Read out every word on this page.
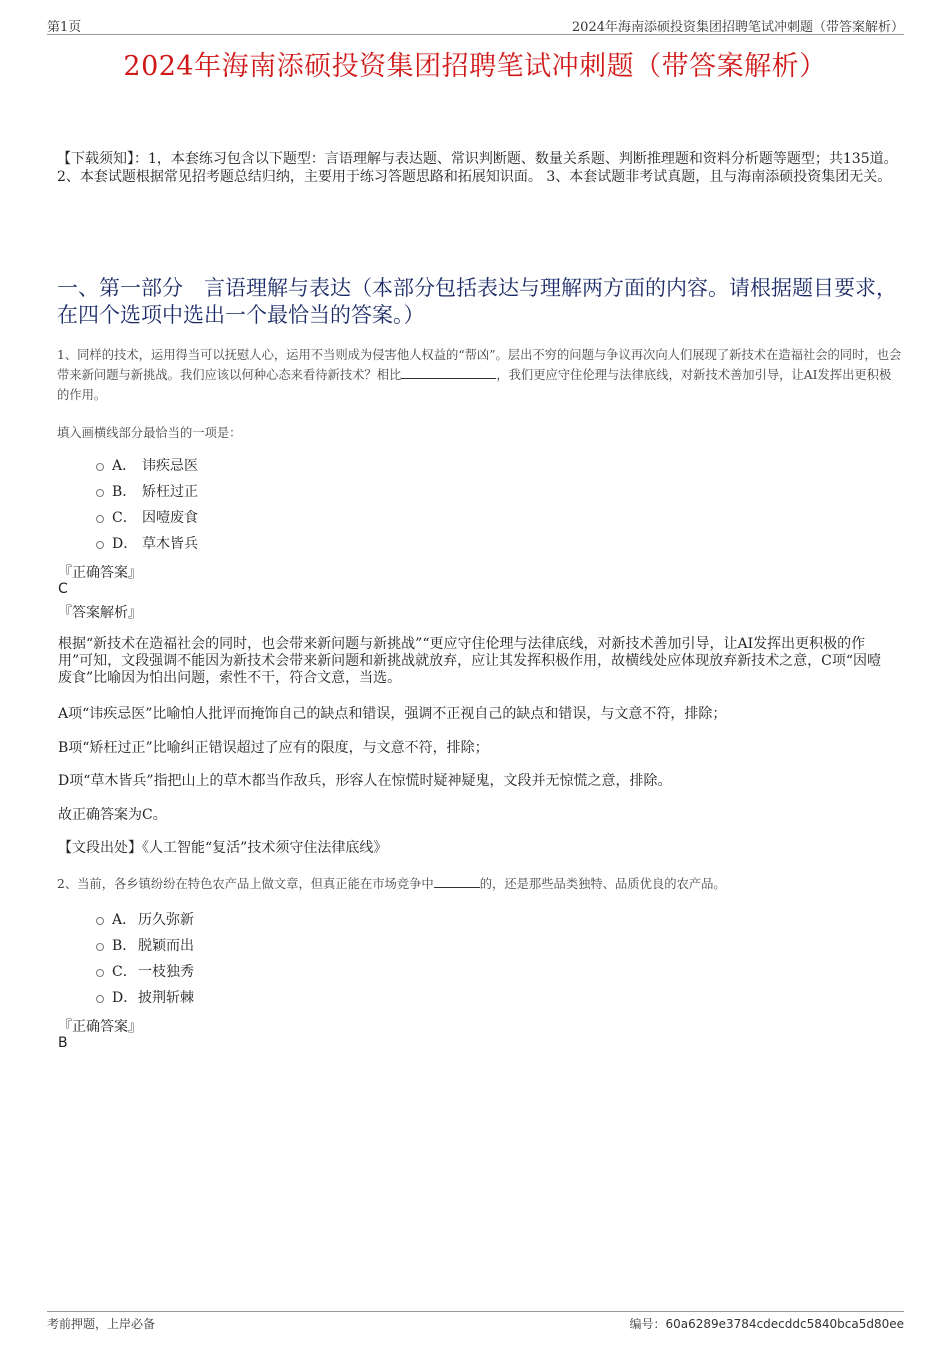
第1页	2024年海南添硕投资集团招聘笔试冲刺题（带答案解析）
2024年海南添硕投资集团招聘笔试冲刺题（带答案解析）
【下载须知】：1，本套练习包含以下题型：言语理解与表达题、常识判断题、数量关系题、判断推理题和资料分析题等题型；共135道。 2、本套试题根据常见招考题总结归纳，主要用于练习答题思路和拓展知识面。 3、本套试题非考试真题，且与海南添硕投资集团无关。
一、第一部分　言语理解与表达（本部分包括表达与理解两方面的内容。请根据题目要求，在四个选项中选出一个最恰当的答案。）
1、同样的技术，运用得当可以抚慰人心，运用不当则成为侵害他人权益的“帮凶”。层出不穷的问题与争议再次向人们展现了新技术在造福社会的同时，也会带来新问题与新挑战。我们应该以何种心态来看待新技术？相比	，我们更应守住伦理与法律底线，对新技术善加引导，让AI发挥出更积极的作用。
填入画横线部分最恰当的一项是：
A． 讳疾忌医
B． 矫枉过正
C． 因噎废食
D． 草木皆兵
『正确答案』
C
『答案解析』
根据“新技术在造福社会的同时，也会带来新问题与新挑战”“更应守住伦理与法律底线，对新技术善加引导，让AI发挥出更积极的作用”可知，文段强调不能因为新技术会带来新问题和新挑战就放弃，应让其发挥积极作用，故横线处应体现放弃新技术之意，C项“因噎废食”比喻因为怕出问题，索性不干，符合文意，当选。
A项“讳疾忌医”比喻怕人批评而掩饰自己的缺点和错误，强调不正视自己的缺点和错误，与文意不符，排除；
B项“矫枉过正”比喻纠正错误超过了应有的限度，与文意不符，排除；
D项“草木皆兵”指把山上的草木都当作敌兵，形容人在惊慌时疑神疑鬼，文段并无惊慌之意，排除。
故正确答案为C。
【文段出处】《人工智能“复活”技术须守住法律底线》
2、当前，各乡镇纷纷在特色农产品上做文章，但真正能在市场竞争中	的，还是那些品类独特、品质优良的农产品。
A． 历久弥新
B． 脱颖而出
C． 一枝独秀
D． 披荆斩棘
『正确答案』
B
考前押题，上岸必备	编号：60a6289e3784cdecddc5840bca5d80ee
